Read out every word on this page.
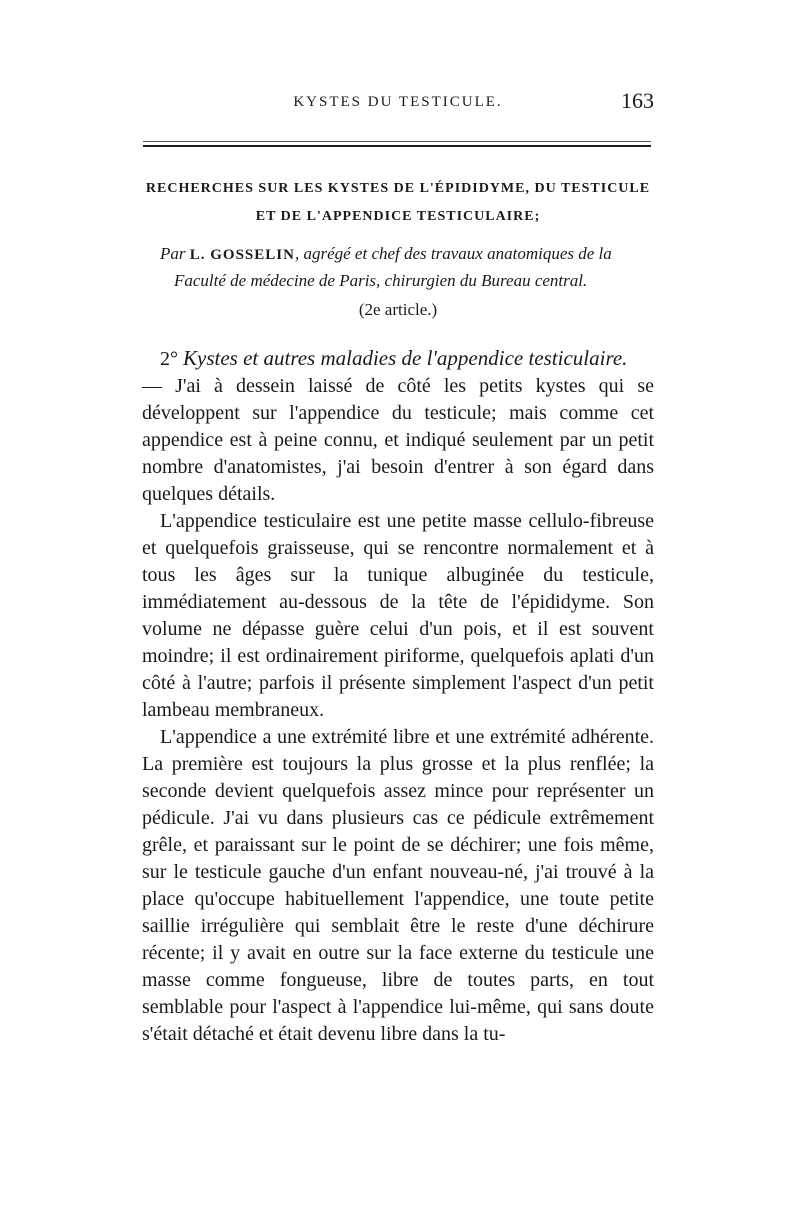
KYSTES DU TESTICULE.	163
RECHERCHES SUR LES KYSTES DE L'ÉPIDIDYME, DU TESTICULE
ET DE L'APPENDICE TESTICULAIRE;
Par L. GOSSELIN, agrégé et chef des travaux anatomiques de la
Faculté de médecine de Paris, chirurgien du Bureau central.
(2e article.)

2° Kystes et autres maladies de l'appendice testiculaire.

— J'ai à dessein laissé de côté les petits kystes qui se développent sur l'appendice du testicule; mais comme cet appendice est à peine connu, et indiqué seulement par un petit nombre d'anatomistes, j'ai besoin d'entrer à son égard dans quelques détails.

L'appendice testiculaire est une petite masse cellulo-fibreuse et quelquefois graisseuse, qui se rencontre normalement et à tous les âges sur la tunique albuginée du testicule, immédiatement au-dessous de la tête de l'épididyme. Son volume ne dépasse guère celui d'un pois, et il est souvent moindre; il est ordinairement piriforme, quelquefois aplati d'un côté à l'autre; parfois il présente simplement l'aspect d'un petit lambeau membraneux.

L'appendice a une extrémité libre et une extrémité adhérente. La première est toujours la plus grosse et la plus renflée; la seconde devient quelquefois assez mince pour représenter un pédicule. J'ai vu dans plusieurs cas ce pédicule extrêmement grêle, et paraissant sur le point de se déchirer; une fois même, sur le testicule gauche d'un enfant nouveau-né, j'ai trouvé à la place qu'occupe habituellement l'appendice, une toute petite saillie irrégulière qui semblait être le reste d'une déchirure récente; il y avait en outre sur la face externe du testicule une masse comme fongueuse, libre de toutes parts, en tout semblable pour l'aspect à l'appendice lui-même, qui sans doute s'était détaché et était devenu libre dans la tu-
